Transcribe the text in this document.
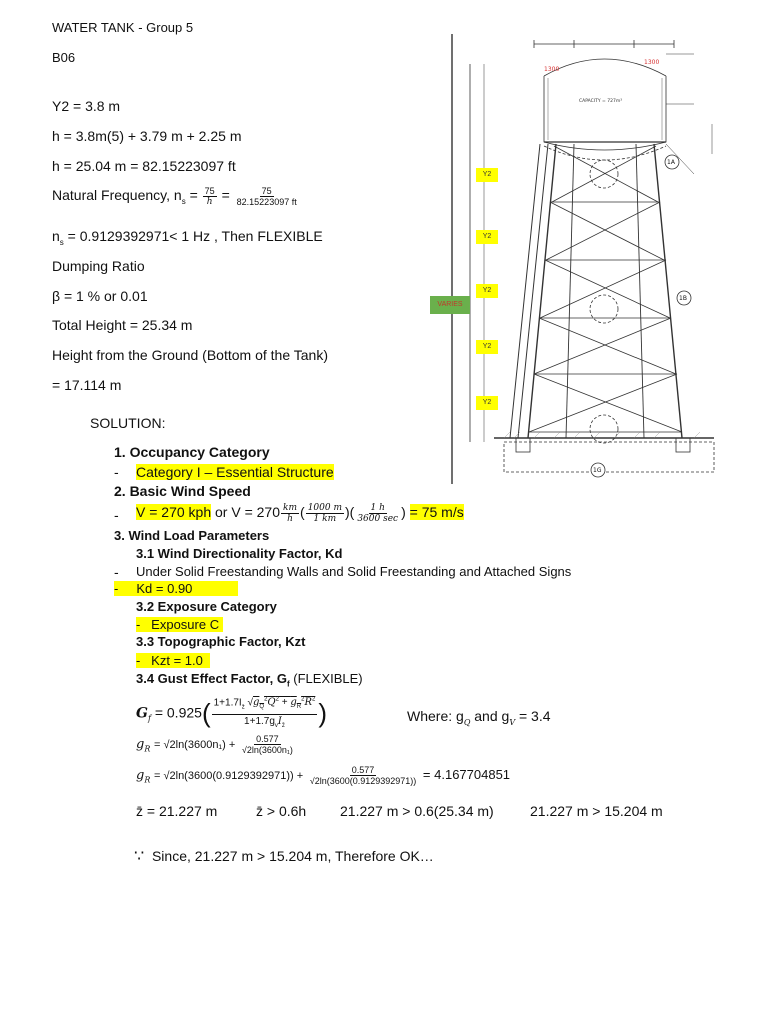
WATER TANK - Group 5
B06
Y2 = 3.8 m
h = 3.8m(5) + 3.79 m + 2.25 m
h = 25.04 m = 82.15223097 ft
Natural Frequency, $n_s = \frac{75}{h} = \frac{75}{82.15223097 ft}$
$n_s = 0.9129392971< 1$ Hz , Then FLEXIBLE
Dumping Ratio
β = 1 % or 0.01
Total Height = 25.34 m
Height from the Ground (Bottom of the Tank)
= 17.114 m
SOLUTION:
1. Occupancy Category
- Category I – Essential Structure
2. Basic Wind Speed
- V = 270 kph or $V = 270 \frac{km}{h}$ ( $\frac{1000 m}{1 km}$ )( $\frac{1 h}{3600 \sec}$ ) = 75 m/s
3. Wind Load Parameters
3.1 Wind Directionality Factor, Kd
- Under Solid Freestanding Walls and Solid Freestanding and Attached Signs
-     Kd = 0.90
3.2 Exposure Category
-   Exposure C
3.3 Topographic Factor, Kzt
-   Kzt = 1.0
3.4 Gust Effect Factor, $G_f$ (FLEXIBLE)
$G_f = 0.925( \frac{1+1.7I_{z̄} √g_Q^2Q^2 + g_R^2R^2}{1+1.7g_vI_{z̄}}$ )	Where: $g_Q$ and $g_V = 3.4$
$g_R = √2\ln(3600n_1) + \frac{0.577}{\text{√2ln(3600n₁)}}$
$g_R = √2\ln(3600(0.9129392971)) + \frac{0.577}{√2\ln(3600(0.9129392971))} = 4.167704851$
z̄ = 21.227 m	z̄ > 0.6h 21.227 m > 0.6(25.34 m)	21.227 m > 15.204 m
∵ Since, 21.227 m > 15.204 m, Therefore OK…
1300
1300
CAPACITY = 727m³
1A
1B
1G
Y2
Y2
Y2
Y2
Y2
VARIES
